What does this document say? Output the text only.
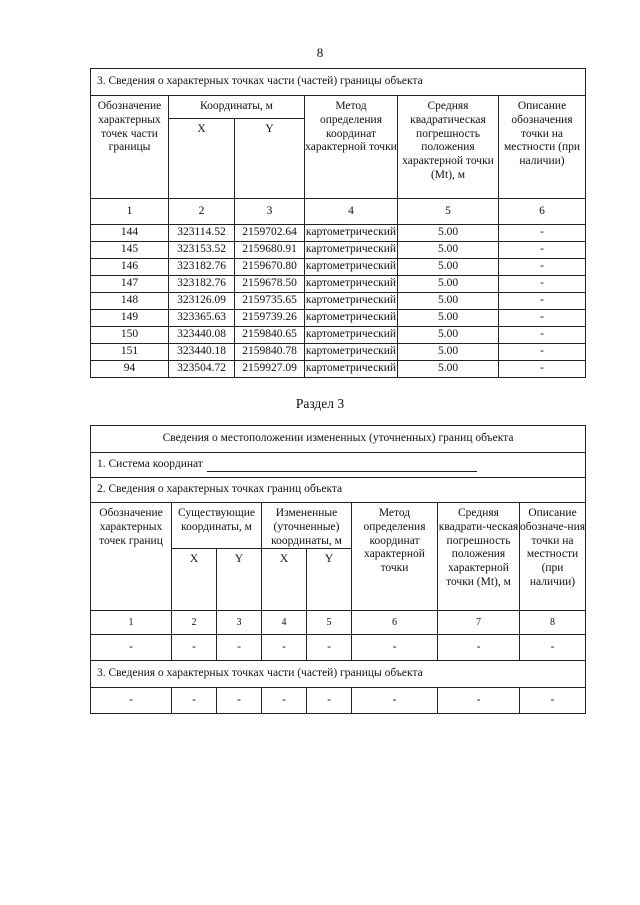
8
3. Сведения о характерных точках части (частей) границы объекта					
Обозначение характерных точек части границы	Координаты, м		Метод определения координат характерной точки	Средняя квадратическая погрешность положения характерной точки (Mt), м	Описание обозначения точки на местности (при наличии)
	X	Y			
1	2	3	4	5	6
144	323114.52	2159702.64	картометрический	5.00	-
145	323153.52	2159680.91	картометрический	5.00	-
146	323182.76	2159670.80	картометрический	5.00	-
147	323182.76	2159678.50	картометрический	5.00	-
148	323126.09	2159735.65	картометрический	5.00	-
149	323365.63	2159739.26	картометрический	5.00	-
150	323440.08	2159840.65	картометрический	5.00	-
151	323440.18	2159840.78	картометрический	5.00	-
94	323504.72	2159927.09	картометрический	5.00	-
Раздел 3
Сведения о местоположении измененных (уточненных) границ объекта							
1. Система координат							
2. Сведения о характерных точках границ объекта							
Обозначение характерных точек границ	Существующие координаты, м		Измененные (уточненные) координаты, м		Метод определения координат характерной точки	Средняя квадрати-ческая погрешность положения характерной точки (Mt), м	Описание обозначе-ния точки на местности (при наличии)
	X	Y	X	Y			
1	2	3	4	5	6	7	8
-	-	-	-	-	-	-	-
3. Сведения о характерных точках части (частей) границы объекта							
-	-	-	-	-	-	-	-
